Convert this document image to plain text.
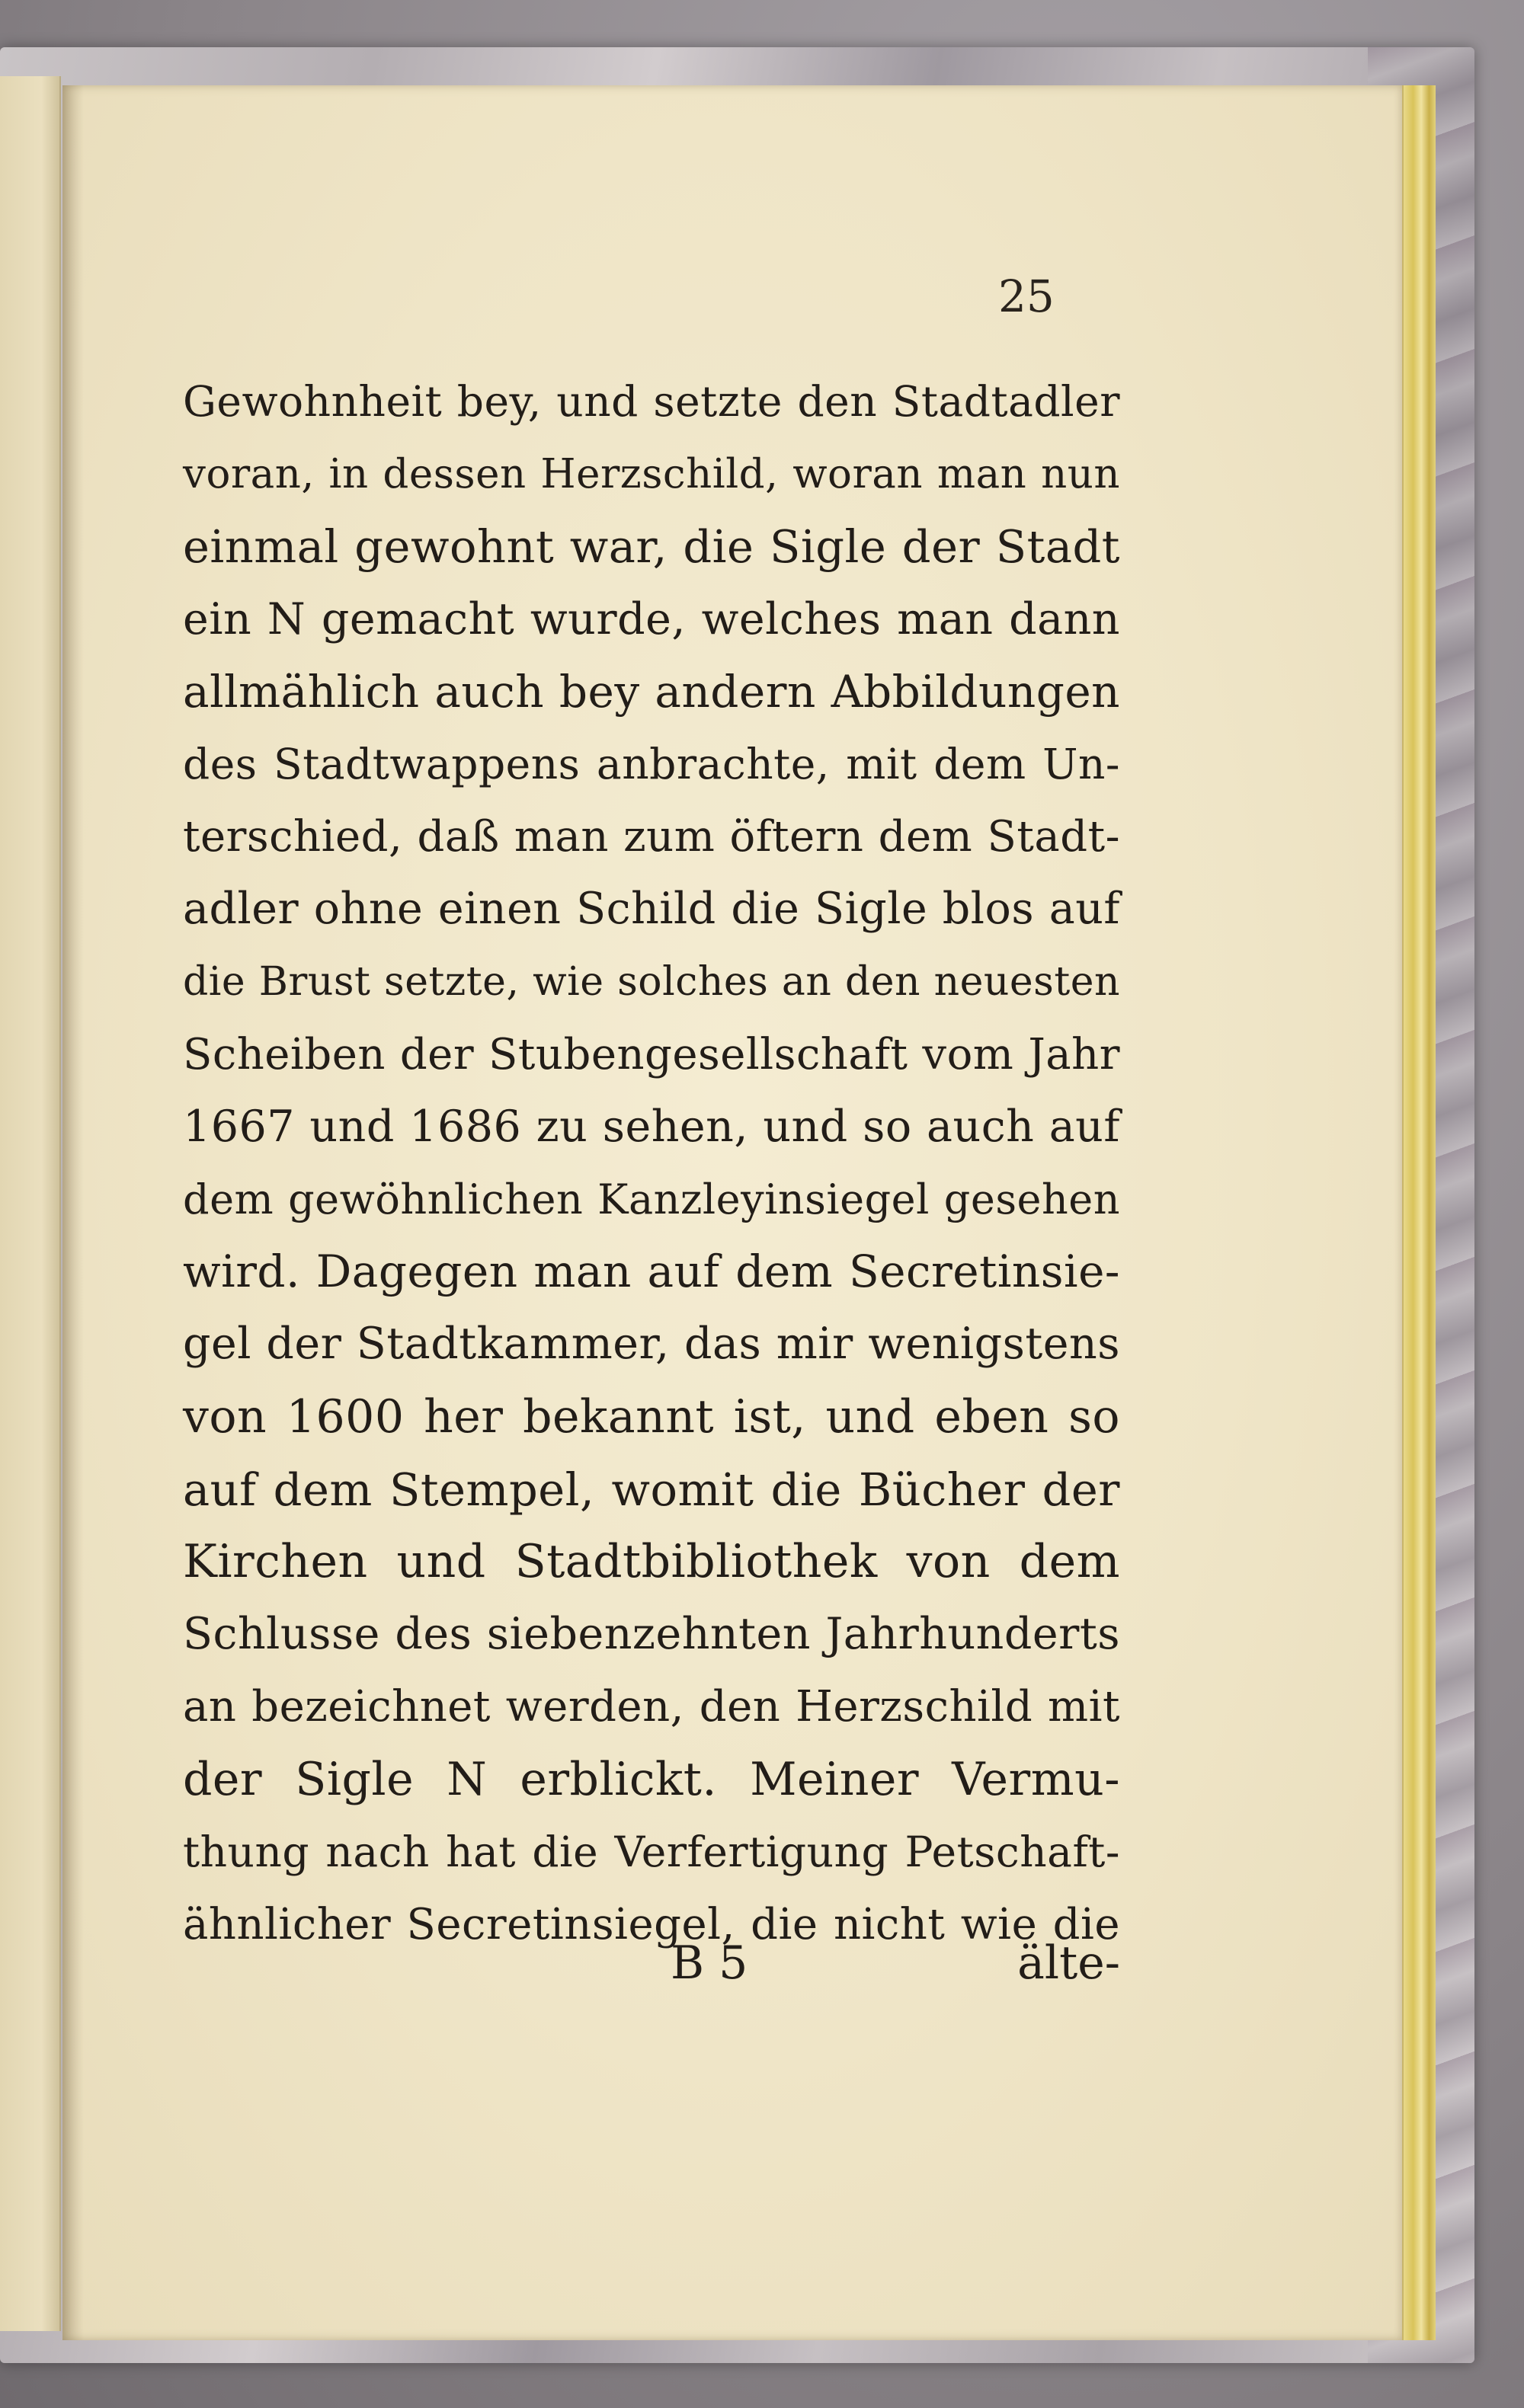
25
Gewohnheit bey, und setzte den Stadtadler
voran, in dessen Herzschild, woran man nun
einmal gewohnt war, die Sigle der Stadt
ein N gemacht wurde, welches man dann
allmählich auch bey andern Abbildungen
des Stadtwappens anbrachte, mit dem Un-
terschied, daß man zum öftern dem Stadt-
adler ohne einen Schild die Sigle blos auf
die Brust setzte, wie solches an den neuesten
Scheiben der Stubengesellschaft vom Jahr
1667 und 1686 zu sehen, und so auch auf
dem gewöhnlichen Kanzleyinsiegel gesehen
wird. Dagegen man auf dem Secretinsie-
gel der Stadtkammer, das mir wenigstens
von 1600 her bekannt ist, und eben so
auf dem Stempel, womit die Bücher der
Kirchen und Stadtbibliothek von dem
Schlusse des siebenzehnten Jahrhunderts
an bezeichnet werden, den Herzschild mit
der Sigle N erblickt. Meiner Vermu-
thung nach hat die Verfertigung Petschaft-
ähnlicher Secretinsiegel, die nicht wie die
B 5	älte-
